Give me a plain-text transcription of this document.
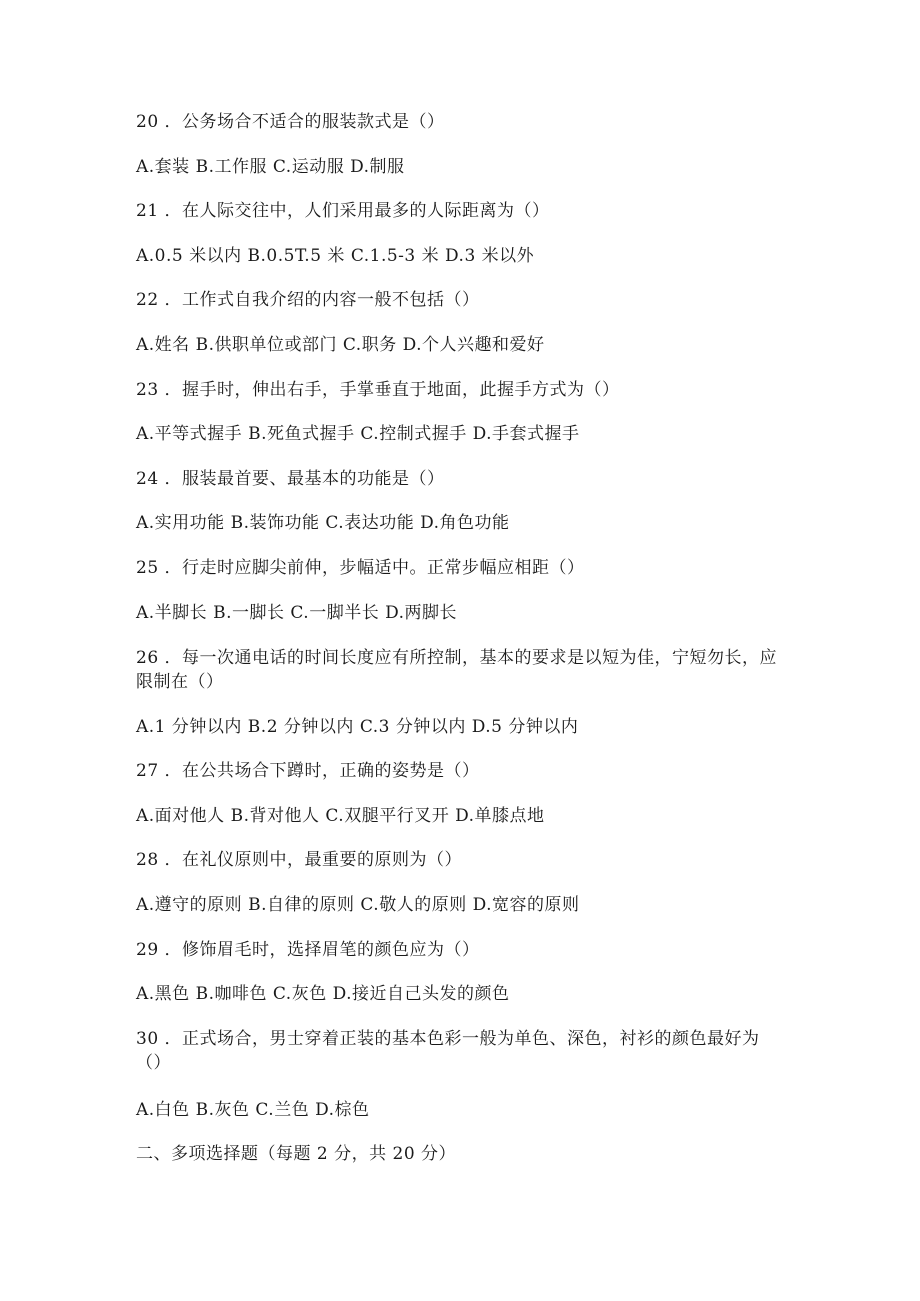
20 ．公务场合不适合的服装款式是（）
A.套装 B.工作服 C.运动服 D.制服
21 ．在人际交往中，人们采用最多的人际距离为（）
A.0.5 米以内 B.0.5T.5 米 C.1.5-3 米 D.3 米以外
22 ．工作式自我介绍的内容一般不包括（）
A.姓名 B.供职单位或部门 C.职务 D.个人兴趣和爱好
23 ．握手时，伸出右手，手掌垂直于地面，此握手方式为（）
A.平等式握手 B.死鱼式握手 C.控制式握手 D.手套式握手
24 ．服装最首要、最基本的功能是（）
A.实用功能 B.装饰功能 C.表达功能 D.角色功能
25 ．行走时应脚尖前伸，步幅适中。正常步幅应相距（）
A.半脚长 B.一脚长 C.一脚半长 D.两脚长
26 ．每一次通电话的时间长度应有所控制，基本的要求是以短为佳，宁短勿长，应限制在（）
A.1 分钟以内 B.2 分钟以内 C.3 分钟以内 D.5 分钟以内
27 ．在公共场合下蹲时，正确的姿势是（）
A.面对他人 B.背对他人 C.双腿平行叉开 D.单膝点地
28 ．在礼仪原则中，最重要的原则为（）
A.遵守的原则 B.自律的原则 C.敬人的原则 D.宽容的原则
29 ．修饰眉毛时，选择眉笔的颜色应为（）
A.黑色 B.咖啡色 C.灰色 D.接近自己头发的颜色
30 ．正式场合，男士穿着正装的基本色彩一般为单色、深色，衬衫的颜色最好为（）
A.白色 B.灰色 C.兰色 D.棕色
二、多项选择题（每题 2 分，共 20 分）
